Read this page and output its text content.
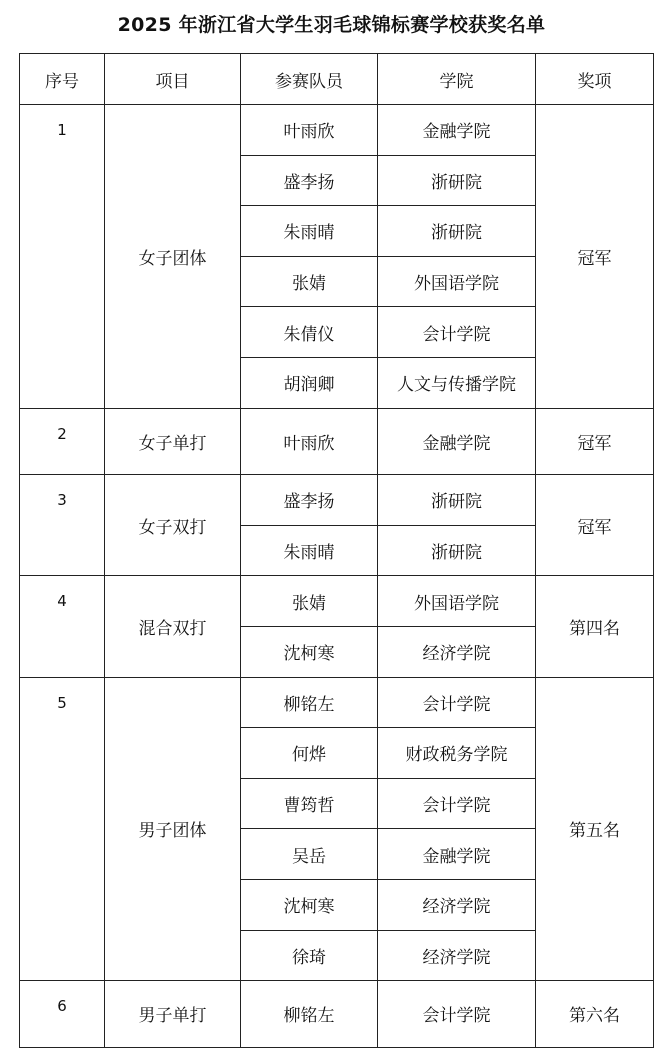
2025 年浙江省大学生羽毛球锦标赛学校获奖名单
序号	项目	参赛队员	学院	奖项
1	女子团体	叶雨欣	金融学院	冠军
		盛李扬	浙研院	
		朱雨晴	浙研院	
		张婧	外国语学院	
		朱倩仪	会计学院	
		胡润卿	人文与传播学院	
2	女子单打	叶雨欣	金融学院	冠军
3	女子双打	盛李扬	浙研院	冠军
		朱雨晴	浙研院	
4	混合双打	张婧	外国语学院	第四名
		沈柯寒	经济学院	
5	男子团体	柳铭左	会计学院	第五名
		何烨	财政税务学院	
		曹筠哲	会计学院	
		吴岳	金融学院	
		沈柯寒	经济学院	
		徐琦	经济学院	
6	男子单打	柳铭左	会计学院	第六名
